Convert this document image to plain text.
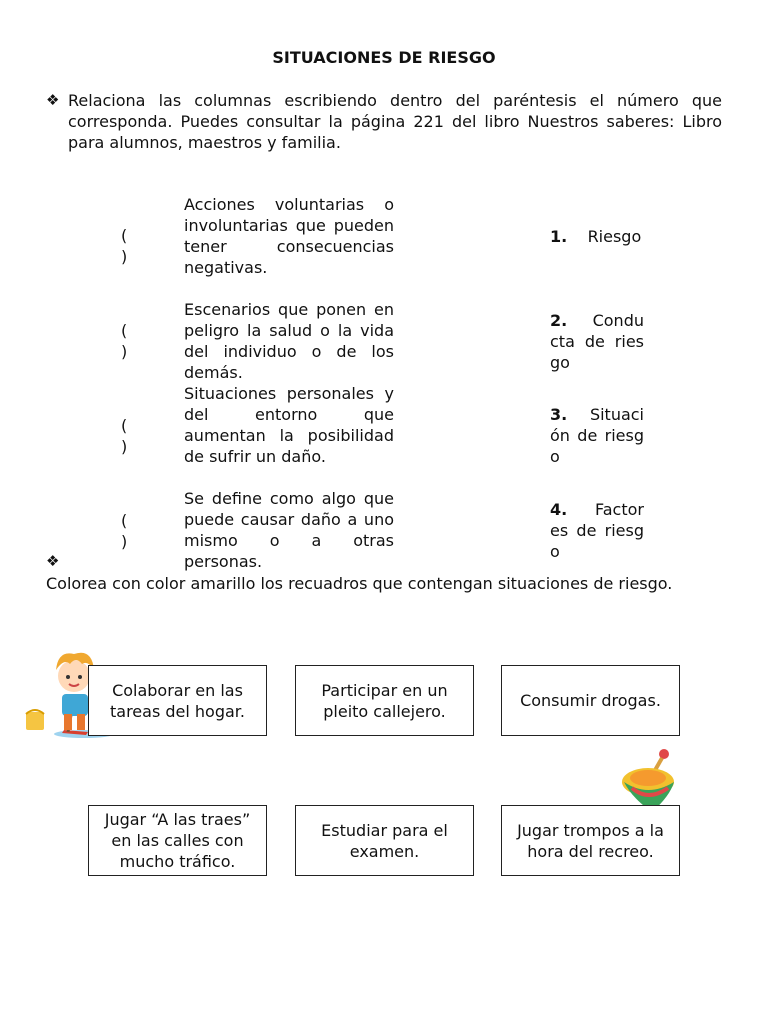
SITUACIONES DE RIESGO
❖ Relaciona las columnas escribiendo dentro del paréntesis el número que corresponda. Puedes consultar la página 221 del libro Nuestros saberes: Libro para alumnos, maestros y familia.
(
)
Acciones voluntarias o involuntarias que pueden tener consecuencias negativas.
(
)
Escenarios que ponen en peligro la salud o la vida del individuo o de los demás.
(
)
Situaciones personales y del entorno que aumentan la posibilidad de sufrir un daño.
(
)
Se define como algo que puede causar daño a uno mismo o a otras personas.
1. Riesgo
2. Conducta de riesgo
3. Situación de riesgo
4. Factores de riesgo
❖
Colorea con color amarillo los recuadros que contengan situaciones de riesgo.
Colaborar en las tareas del hogar.
Participar en un pleito callejero.
Consumir drogas.
Jugar “A las traes” en las calles con mucho tráfico.
Estudiar para el examen.
Jugar trompos a la hora del recreo.
